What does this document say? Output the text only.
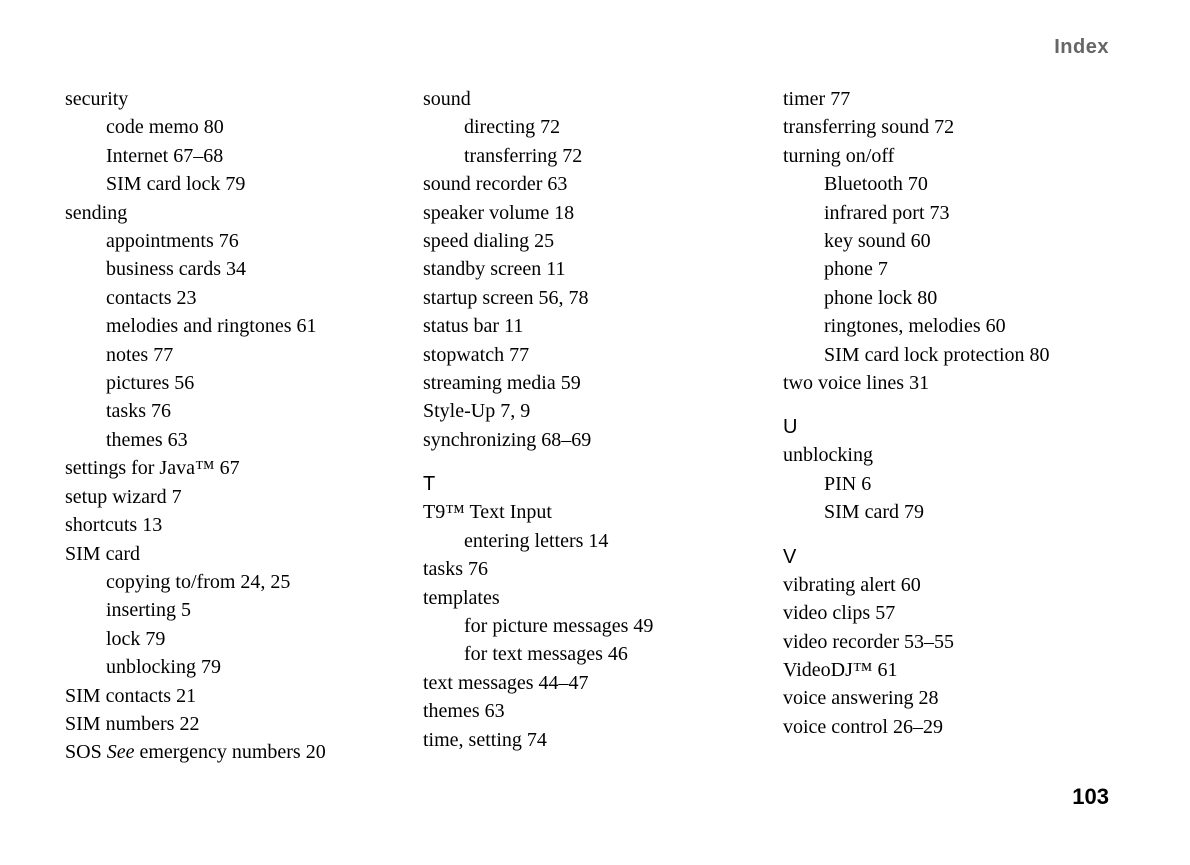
Index
security
code memo 80
Internet 67–68
SIM card lock 79
sending
appointments 76
business cards 34
contacts 23
melodies and ringtones 61
notes 77
pictures 56
tasks 76
themes 63
settings for Java™ 67
setup wizard 7
shortcuts 13
SIM card
copying to/from 24, 25
inserting 5
lock 79
unblocking 79
SIM contacts 21
SIM numbers 22
SOS See emergency numbers 20
sound
directing 72
transferring 72
sound recorder 63
speaker volume 18
speed dialing 25
standby screen 11
startup screen 56, 78
status bar 11
stopwatch 77
streaming media 59
Style-Up 7, 9
synchronizing 68–69
T
T9™ Text Input
entering letters 14
tasks 76
templates
for picture messages 49
for text messages 46
text messages 44–47
themes 63
time, setting 74
timer 77
transferring sound 72
turning on/off
Bluetooth 70
infrared port 73
key sound 60
phone 7
phone lock 80
ringtones, melodies 60
SIM card lock protection 80
two voice lines 31
U
unblocking
PIN 6
SIM card 79
V
vibrating alert 60
video clips 57
video recorder 53–55
VideoDJ™ 61
voice answering 28
voice control 26–29
103
